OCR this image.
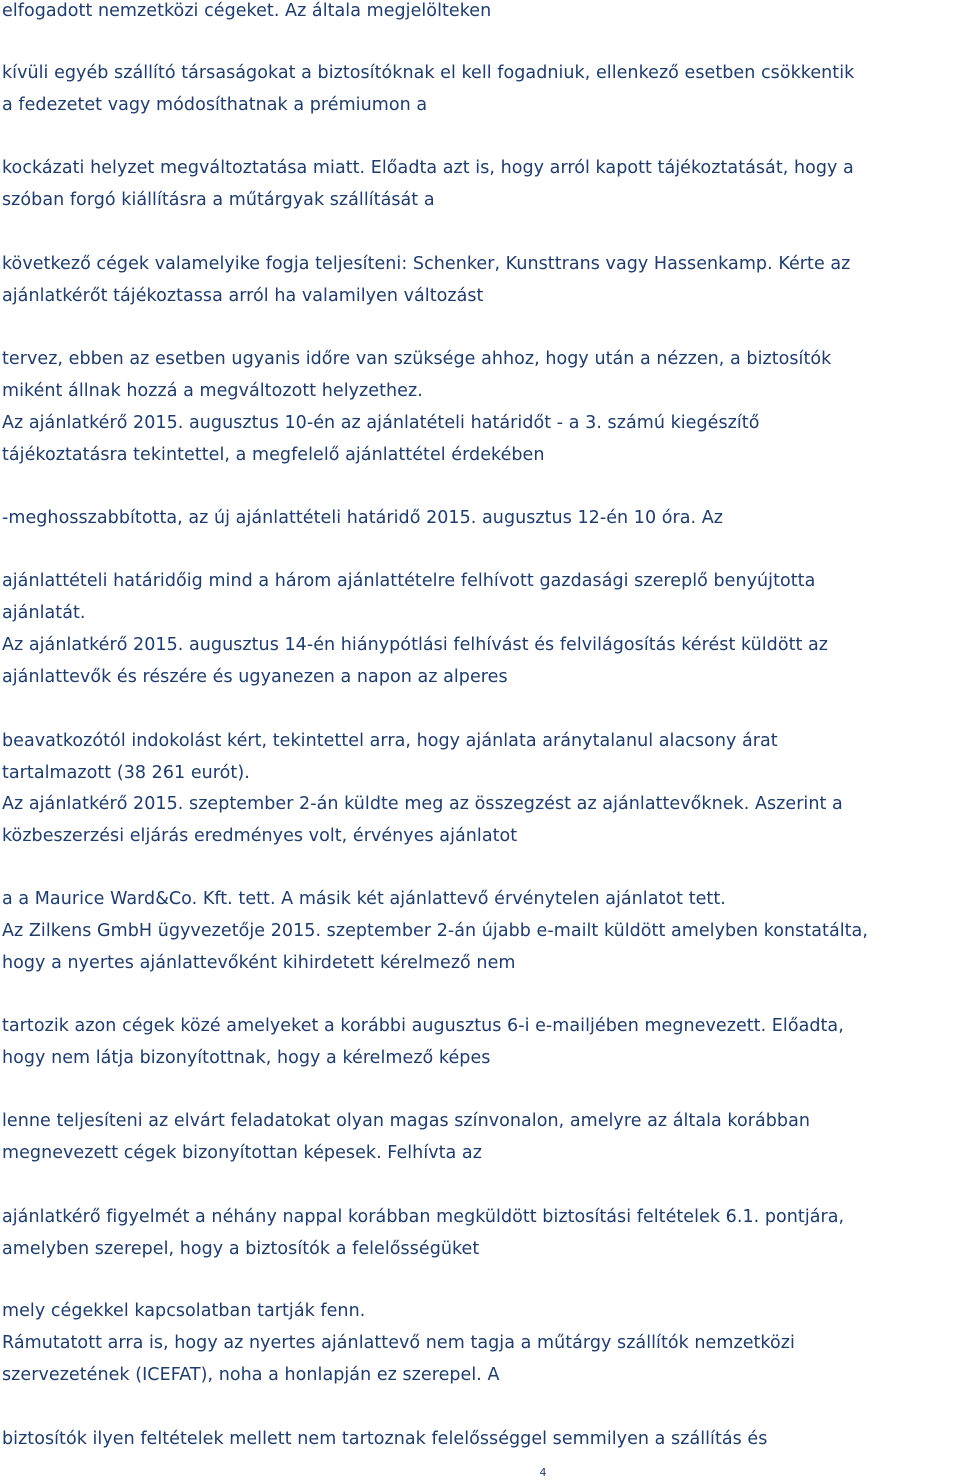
elfogadott nemzetközi cégeket. Az általa megjelölteken
kívüli egyéb szállító társaságokat a biztosítóknak el kell fogadniuk, ellenkező esetben csökkentik
a fedezetet vagy módosíthatnak a prémiumon a
kockázati helyzet megváltoztatása miatt. Előadta azt is, hogy arról kapott tájékoztatását, hogy a
szóban forgó kiállításra a műtárgyak szállítását a
következő cégek valamelyike fogja teljesíteni: Schenker, Kunsttrans vagy Hassenkamp. Kérte az
ajánlatkérőt tájékoztassa arról ha valamilyen változást
tervez, ebben az esetben ugyanis időre van szüksége ahhoz, hogy után a nézzen, a biztosítók
miként állnak hozzá a megváltozott helyzethez.
Az ajánlatkérő 2015. augusztus 10-én az ajánlatételi határidőt - a 3. számú kiegészítő
tájékoztatásra tekintettel, a megfelelő ajánlattétel érdekében
-meghosszabbította, az új ajánlattételi határidő 2015. augusztus 12-én 10 óra. Az
ajánlattételi határidőig mind a három ajánlattételre felhívott gazdasági szereplő benyújtotta
ajánlatát.
Az ajánlatkérő 2015. augusztus 14-én hiánypótlási felhívást és felvilágosítás kérést küldött az
ajánlattevők és részére és ugyanezen a napon az alperes
beavatkozótól indokolást kért, tekintettel arra, hogy ajánlata aránytalanul alacsony árat
tartalmazott (38 261 eurót).
Az ajánlatkérő 2015. szeptember 2-án küldte meg az összegzést az ajánlattevőknek. Aszerint a
közbeszerzési eljárás eredményes volt, érvényes ajánlatot
a a Maurice Ward&Co. Kft. tett. A másik két ajánlattevő érvénytelen ajánlatot tett.
Az Zilkens GmbH ügyvezetője 2015. szeptember 2-án újabb e-mailt küldött amelyben konstatálta,
hogy a nyertes ajánlattevőként kihirdetett kérelmező nem
tartozik azon cégek közé amelyeket a korábbi augusztus 6-i e-mailjében megnevezett. Előadta,
hogy nem látja bizonyítottnak, hogy a kérelmező képes
lenne teljesíteni az elvárt feladatokat olyan magas színvonalon, amelyre az általa korábban
megnevezett cégek bizonyítottan képesek. Felhívta az
ajánlatkérő figyelmét a néhány nappal korábban megküldött biztosítási feltételek 6.1. pontjára,
amelyben szerepel, hogy a biztosítók a felelősségüket
mely cégekkel kapcsolatban tartják fenn.
Rámutatott arra is, hogy az nyertes ajánlattevő nem tagja a műtárgy szállítók nemzetközi
szervezetének (ICEFAT), noha a honlapján ez szerepel. A
biztosítók ilyen feltételek mellett nem tartoznak felelősséggel semmilyen a szállítás és
4
